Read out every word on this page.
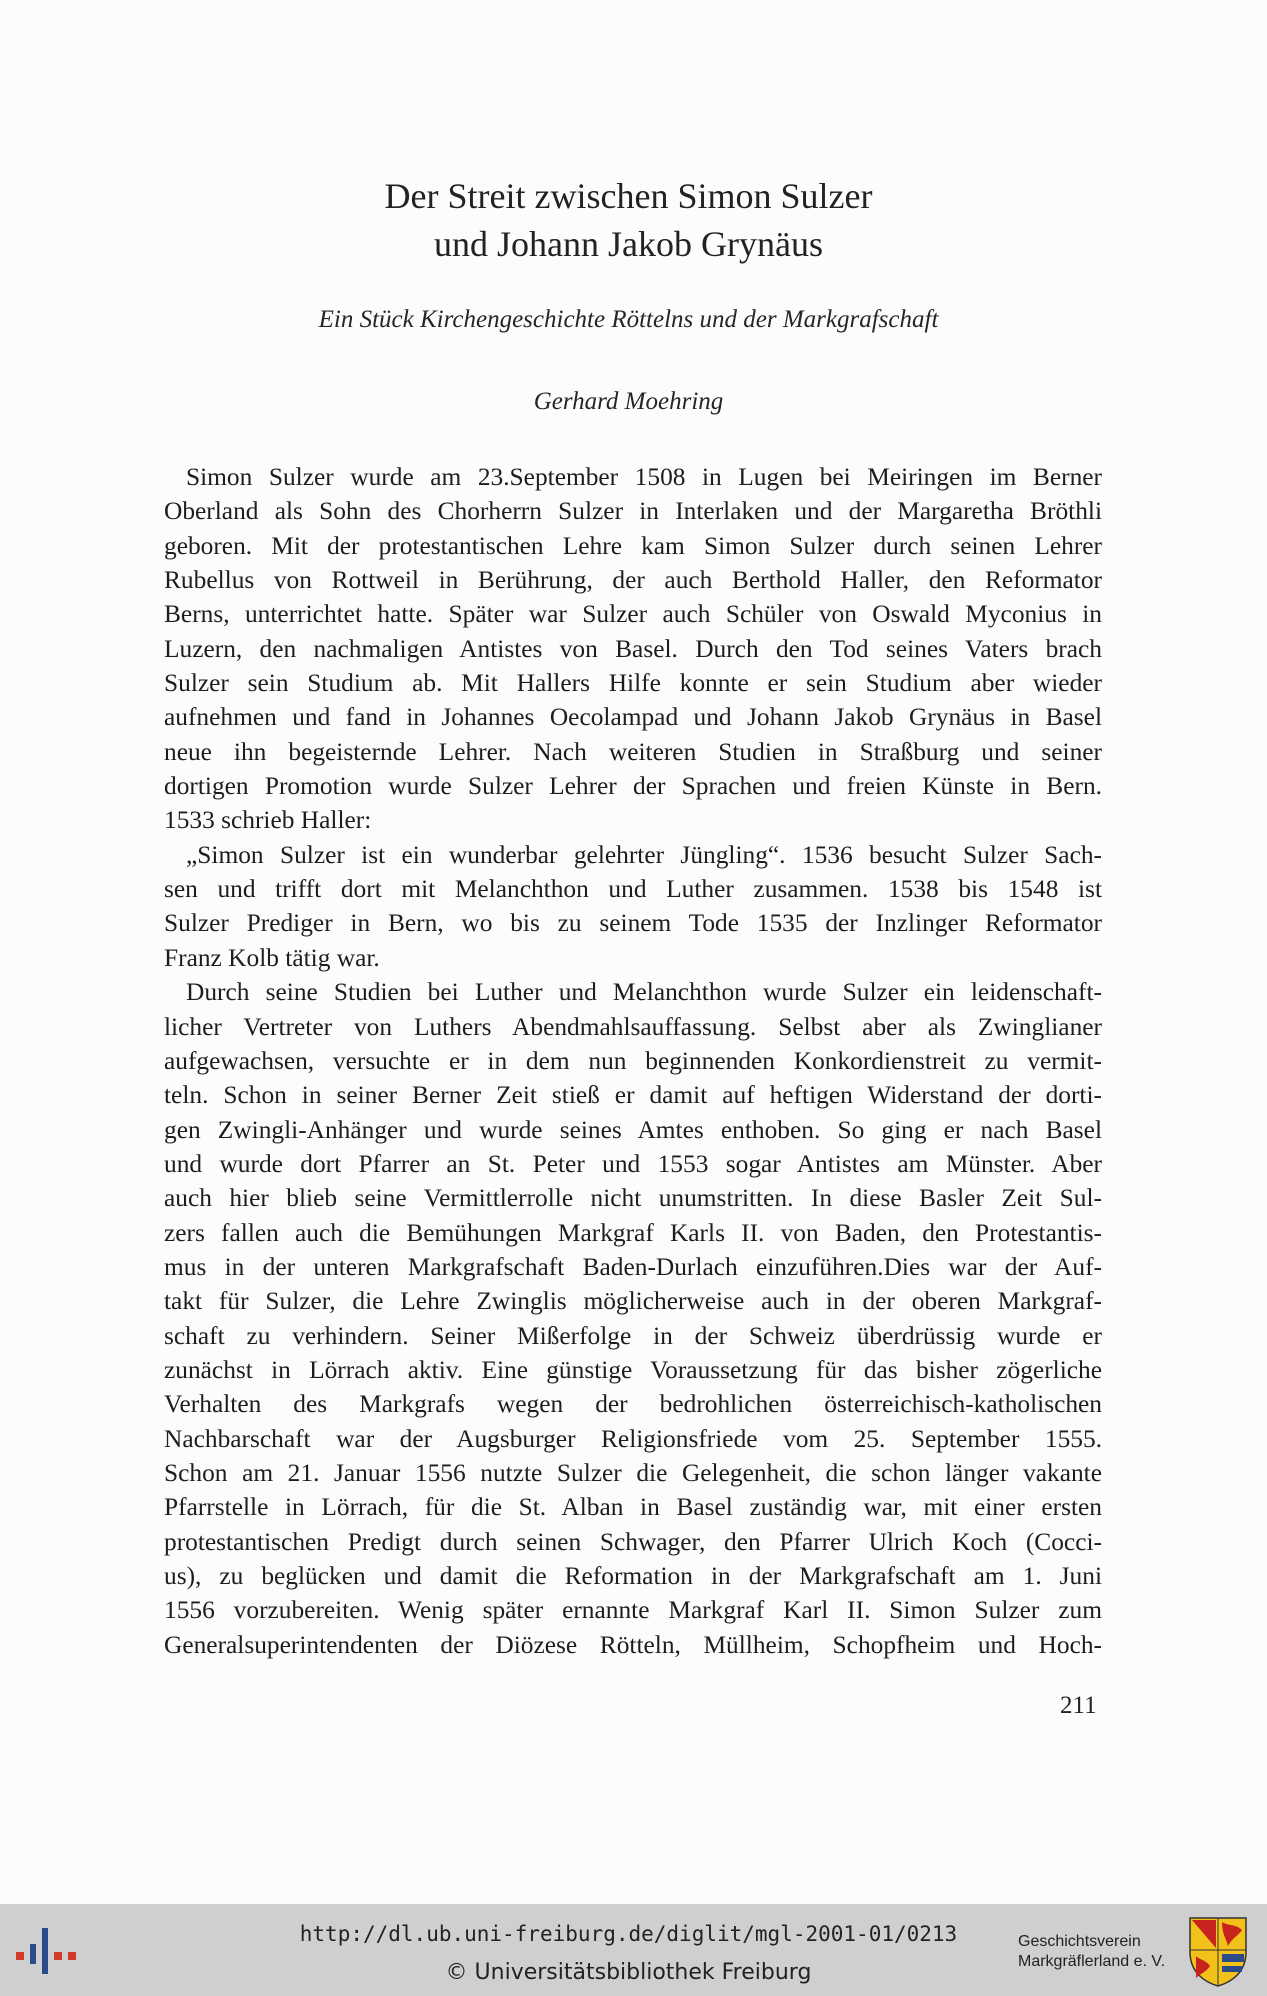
Der Streit zwischen Simon Sulzer
und Johann Jakob Grynäus
Ein Stück Kirchengeschichte Röttelns und der Markgrafschaft
Gerhard Moehring
Simon Sulzer wurde am 23.September 1508 in Lugen bei Meiringen im Berner
Oberland als Sohn des Chorherrn Sulzer in Interlaken und der Margaretha Bröthli
geboren. Mit der protestantischen Lehre kam Simon Sulzer durch seinen Lehrer
Rubellus von Rottweil in Berührung, der auch Berthold Haller, den Reformator
Berns, unterrichtet hatte. Später war Sulzer auch Schüler von Oswald Myconius in
Luzern, den nachmaligen Antistes von Basel. Durch den Tod seines Vaters brach
Sulzer sein Studium ab. Mit Hallers Hilfe konnte er sein Studium aber wieder
aufnehmen und fand in Johannes Oecolampad und Johann Jakob Grynäus in Basel
neue ihn begeisternde Lehrer. Nach weiteren Studien in Straßburg und seiner
dortigen Promotion wurde Sulzer Lehrer der Sprachen und freien Künste in Bern.
1533 schrieb Haller:
„Simon Sulzer ist ein wunderbar gelehrter Jüngling“. 1536 besucht Sulzer Sach-
sen und trifft dort mit Melanchthon und Luther zusammen. 1538 bis 1548 ist
Sulzer Prediger in Bern, wo bis zu seinem Tode 1535 der Inzlinger Reformator
Franz Kolb tätig war.
Durch seine Studien bei Luther und Melanchthon wurde Sulzer ein leidenschaft-
licher Vertreter von Luthers Abendmahlsauffassung. Selbst aber als Zwinglianer
aufgewachsen, versuchte er in dem nun beginnenden Konkordienstreit zu vermit-
teln. Schon in seiner Berner Zeit stieß er damit auf heftigen Widerstand der dorti-
gen Zwingli-Anhänger und wurde seines Amtes enthoben. So ging er nach Basel
und wurde dort Pfarrer an St. Peter und 1553 sogar Antistes am Münster. Aber
auch hier blieb seine Vermittlerrolle nicht unumstritten. In diese Basler Zeit Sul-
zers fallen auch die Bemühungen Markgraf Karls II. von Baden, den Protestantis-
mus in der unteren Markgrafschaft Baden-Durlach einzuführen.Dies war der Auf-
takt für Sulzer, die Lehre Zwinglis möglicherweise auch in der oberen Markgraf-
schaft zu verhindern. Seiner Mißerfolge in der Schweiz überdrüssig wurde er
zunächst in Lörrach aktiv. Eine günstige Voraussetzung für das bisher zögerliche
Verhalten des Markgrafs wegen der bedrohlichen österreichisch-katholischen
Nachbarschaft war der Augsburger Religionsfriede vom 25. September 1555.
Schon am 21. Januar 1556 nutzte Sulzer die Gelegenheit, die schon länger vakante
Pfarrstelle in Lörrach, für die St. Alban in Basel zuständig war, mit einer ersten
protestantischen Predigt durch seinen Schwager, den Pfarrer Ulrich Koch (Cocci-
us), zu beglücken und damit die Reformation in der Markgrafschaft am 1. Juni
1556 vorzubereiten. Wenig später ernannte Markgraf Karl II. Simon Sulzer zum
Generalsuperintendenten der Diözese Rötteln, Müllheim, Schopfheim und Hoch-
211
http://dl.ub.uni-freiburg.de/diglit/mgl-2001-01/0213
© Universitätsbibliothek Freiburg
Geschichtsverein
Markgräflerland e. V.
